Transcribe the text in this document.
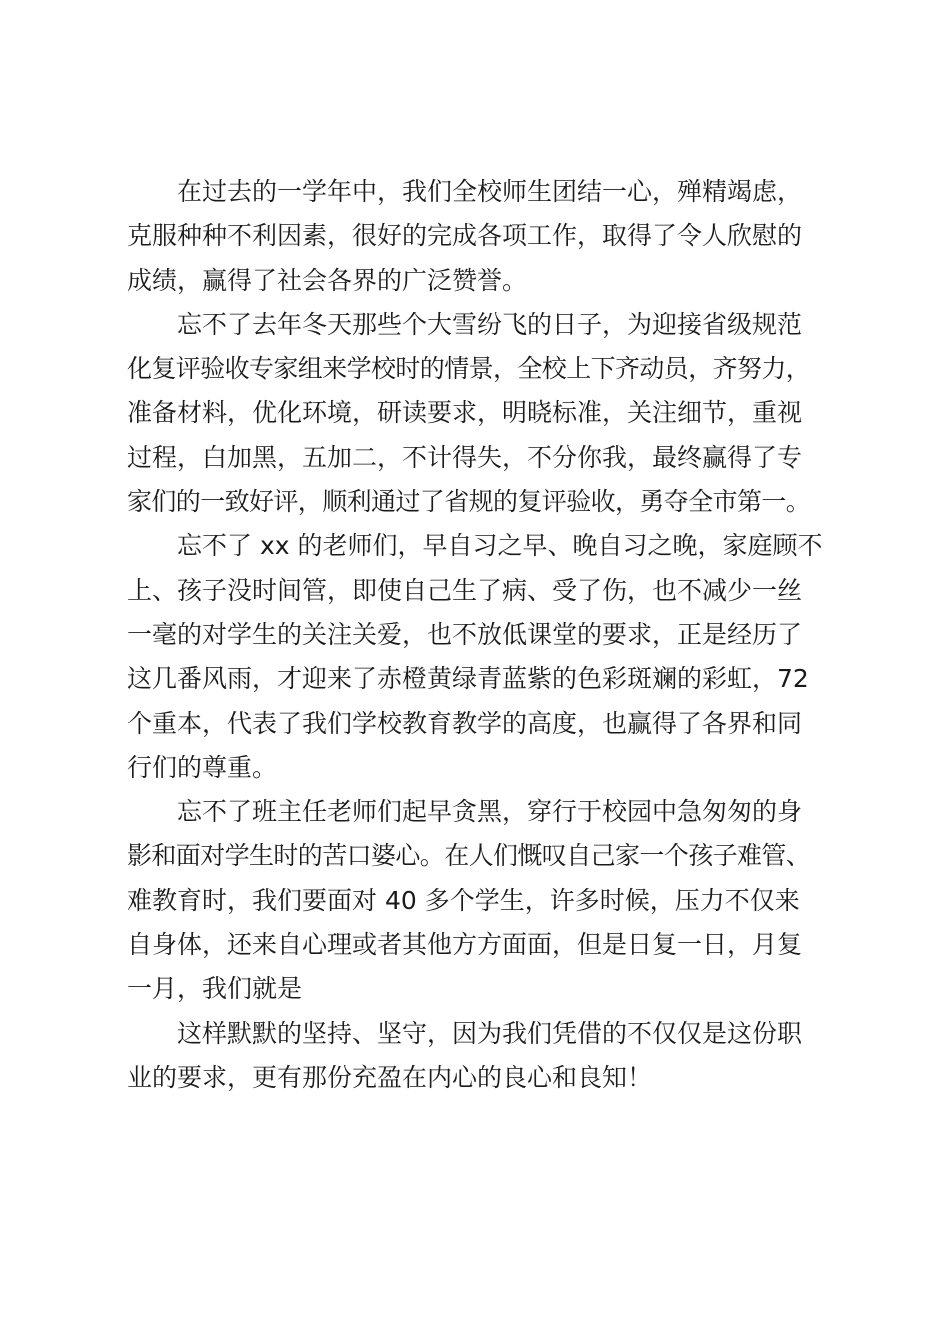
在过去的一学年中，我们全校师生团结一心，殚精竭虑，
克服种种不利因素，很好的完成各项工作，取得了令人欣慰的
成绩，赢得了社会各界的广泛赞誉。

忘不了去年冬天那些个大雪纷飞的日子，为迎接省级规范
化复评验收专家组来学校时的情景，全校上下齐动员，齐努力，
准备材料，优化环境，研读要求，明晓标准，关注细节，重视
过程，白加黑，五加二，不计得失，不分你我，最终赢得了专
家们的一致好评，顺利通过了省规的复评验收，勇夺全市第一。

忘不了 xx 的老师们，早自习之早、晚自习之晚，家庭顾不
上、孩子没时间管，即使自己生了病、受了伤，也不减少一丝
一毫的对学生的关注关爱，也不放低课堂的要求，正是经历了
这几番风雨，才迎来了赤橙黄绿青蓝紫的色彩斑斓的彩虹，72
个重本，代表了我们学校教育教学的高度，也赢得了各界和同
行们的尊重。

忘不了班主任老师们起早贪黑，穿行于校园中急匆匆的身
影和面对学生时的苦口婆心。在人们慨叹自己家一个孩子难管、
难教育时，我们要面对 40 多个学生，许多时候，压力不仅来
自身体，还来自心理或者其他方方面面，但是日复一日，月复
一月，我们就是

这样默默的坚持、坚守，因为我们凭借的不仅仅是这份职
业的要求，更有那份充盈在内心的良心和良知！
